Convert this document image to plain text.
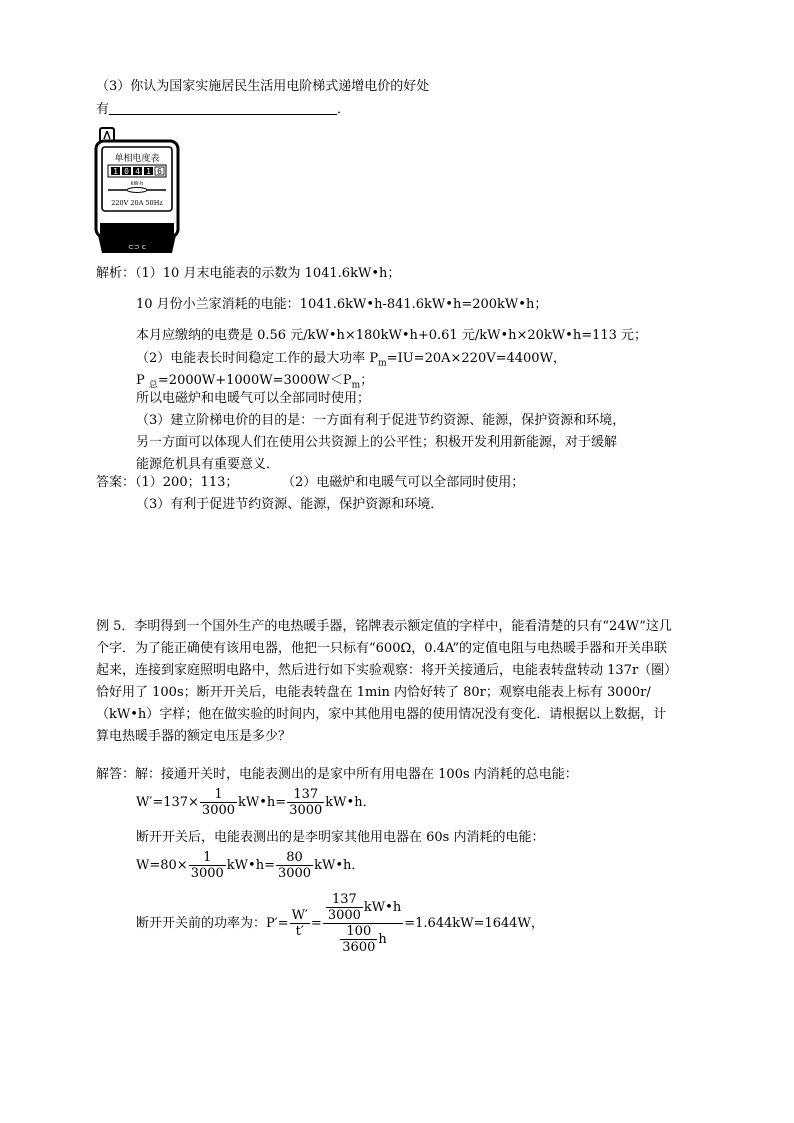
（3）你认为国家实施居民生活用电阶梯式递增电价的好处
有	．
单相电度表
1 0 4 1 6
kW·h
220V 20A 50Hz
⊂⊃ c
解析：（1）10 月末电能表的示数为 1041.6kW•h；
10 月份小兰家消耗的电能：1041.6kW•h-841.6kW•h=200kW•h；
本月应缴纳的电费是 0.56 元/kW•h×180kW•h+0.61 元/kW•h×20kW•h=113 元；
（2）电能表长时间稳定工作的最大功率 $P_m=IU=20A\times 220V=4400W$，
P $_总=2000W+1000W=3000W<P_m$；
所以电磁炉和电暖气可以全部同时使用；
（3）建立阶梯电价的目的是：一方面有利于促进节约资源、能源，保护资源和环境，
另一方面可以体现人们在使用公共资源上的公平性；积极开发利用新能源，对于缓解
能源危机具有重要意义．
答案：（1）200；113；	（2）电磁炉和电暖气可以全部同时使用；
（3）有利于促进节约资源、能源，保护资源和环境．
例 5．李明得到一个国外生产的电热暖手器，铭牌表示额定值的字样中，能看清楚的只有“24W”这几
个字．为了能正确使有该用电器，他把一只标有“600Ω，0.4A”的定值电阻与电热暖手器和开关串联
起来，连接到家庭照明电路中，然后进行如下实验观察：将开关接通后，电能表转盘转动 137r（圈）
恰好用了 100s；断开开关后，电能表转盘在 1min 内恰好转了 80r；观察电能表上标有 3000r/
（kW•h）字样；他在做实验的时间内，家中其他用电器的使用情况没有变化．请根据以上数据，计
算电热暖手器的额定电压是多少？
解答：解：接通开关时，电能表测出的是家中所有用电器在 100s 内消耗的总电能：
$W'=137\times \frac{1}{3000}$ kW•h= $\frac{137}{3000}$ kW•h．
断开开关后，电能表测出的是李明家其他用电器在 60s 内消耗的电能：
$W=80\times \frac{1}{3000}$ kW•h= $\frac{80}{3000}$ kW•h．
断开开关前的功率为：$P'= \frac{W'}{t'} = \frac{\frac{137}{3000} kW•h}{\frac{100}{3600} h} =1.644kW=1644W$，
